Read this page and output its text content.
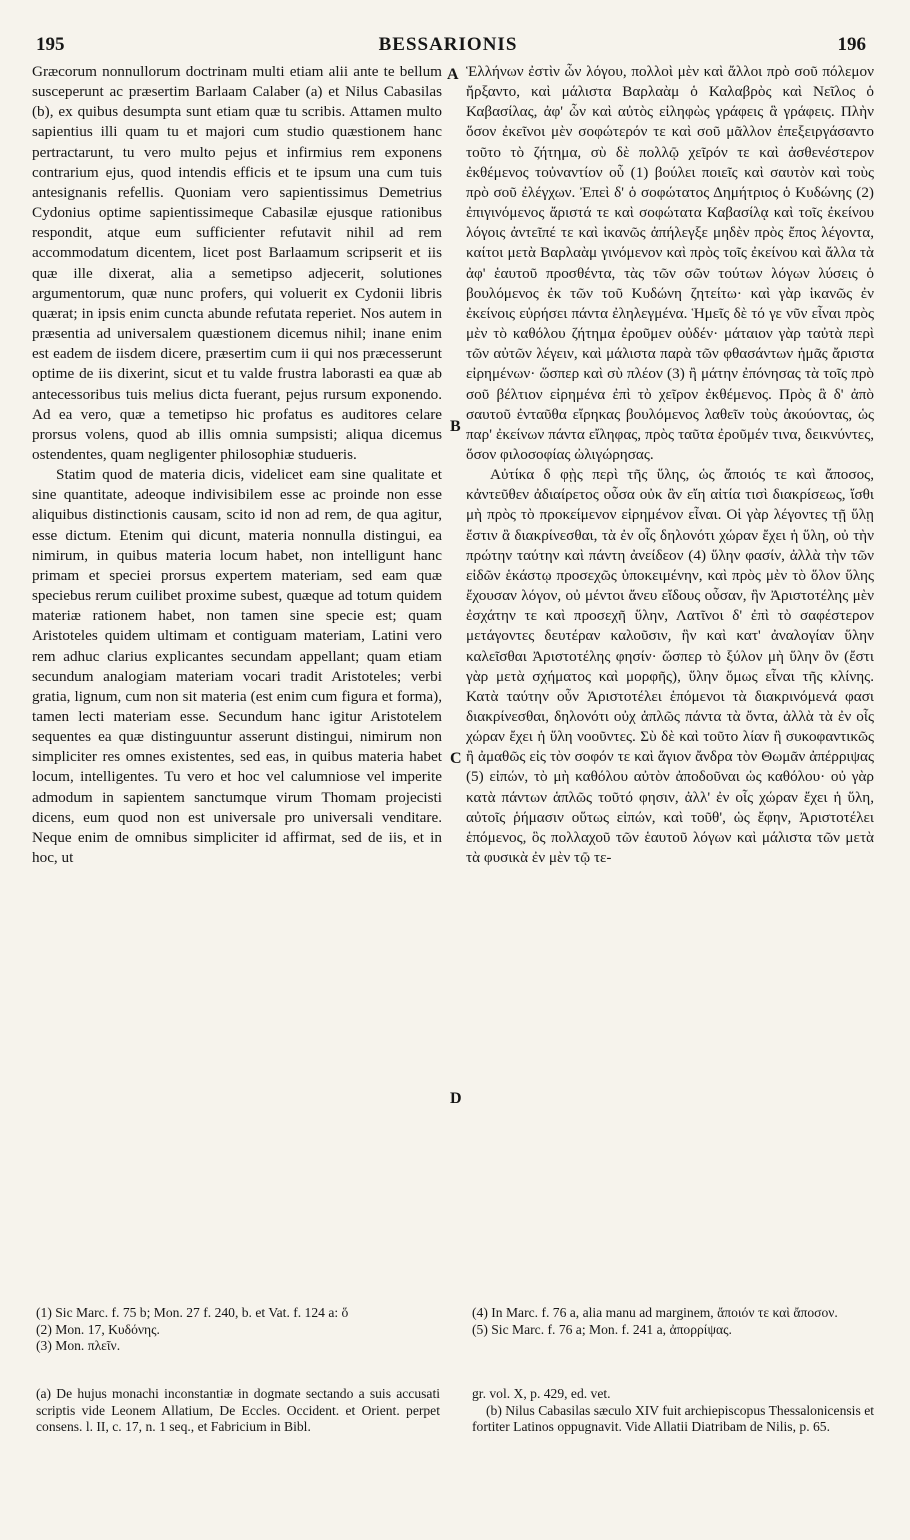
195	BESSARIONIS	196

Græcorum nonnullorum doctrinam multi etiam alii ante te bellum susceperunt ac præsertim Barlaam Calaber (a) et Nilus Cabasilas (b), ex quibus desumpta sunt etiam quæ tu scribis. Attamen multo sapientius illi quam tu et majori cum studio quæstionem hanc pertractarunt, tu vero multo pejus et infirmius rem exponens contrarium ejus, quod intendis efficis et te ipsum una cum tuis antesignanis refellis. Quoniam vero sapientissimus Demetrius Cydonius optime sapientissimeque Cabasilæ ejusque rationibus respondit, atque eum sufficienter refutavit nihil ad rem accommodatum dicentem, licet post Barlaamum scripserit et iis quæ ille dixerat, alia a semetipso adjecerit, solutiones argumentorum, quæ nunc profers, qui voluerit ex Cydonii libris quærat; in ipsis enim cuncta abunde refutata reperiet. Nos autem in præsentia ad universalem quæstionem dicemus nihil; inane enim est eadem de iisdem dicere, præsertim cum ii qui nos præcesserunt optime de iis dixerint, sicut et tu valde frustra laborasti ea quæ ab antecessoribus tuis melius dicta fuerant, pejus rursum exponendo. Ad ea vero, quæ a temetipso hic profatus es auditores celare prorsus volens, quod ab illis omnia sumpsisti; aliqua dicemus ostendentes, quam negligenter philosophiæ studueris.

Statim quod de materia dicis, videlicet eam sine qualitate et sine quantitate, adeoque indivisibilem esse ac proinde non esse aliquibus distinctionis causam, scito id non ad rem, de qua agitur, esse dictum. Etenim qui dicunt, materia nonnulla distingui, ea nimirum, in quibus materia locum habet, non intelligunt hanc primam et speciei prorsus expertem materiam, sed eam quæ speciebus rerum cuilibet proxime subest, quæque ad totum quidem materiæ rationem habet, non tamen sine specie est; quam Aristoteles quidem ultimam et contiguam materiam, Latini vero rem adhuc clarius explicantes secundam appellant; quam etiam secundum analogiam materiam vocari tradit Aristoteles; verbi gratia, lignum, cum non sit materia (est enim cum figura et forma), tamen lecti materiam esse. Secundum hanc igitur Aristotelem sequentes ea quæ distinguuntur asserunt distingui, nimirum non simpliciter res omnes existentes, sed eas, in quibus materia habet locum, intelligentes. Tu vero et hoc vel calumniose vel imperite admodum in sapientem sanctumque virum Thomam projecisti dicens, eum quod non est universale pro universali venditare. Neque enim de omnibus simpliciter id affirmat, sed de iis, et in hoc, ut

Ἑλλήνων ἐστὶν ὧν λόγου, πολλοὶ μὲν καὶ ἄλλοι πρὸ σοῦ πόλεμον ἤρξαντο, καὶ μάλιστα Βαρλαὰμ ὁ Καλαβρὸς καὶ Νεῖλος ὁ Καβασίλας, ἀφ' ὧν καὶ αὐτὸς εἰληφὼς γράφεις ἃ γράφεις. Πλὴν ὅσον ἐκεῖνοι μὲν σοφώτερόν τε καὶ σοῦ μᾶλλον ἐπεξειργάσαντο τοῦτο τὸ ζήτημα, σὺ δὲ πολλῷ χεῖρόν τε καὶ ἀσθενέστερον ἐκθέμενος τοὐναντίον οὗ (1) βούλει ποιεῖς καὶ σαυτὸν καὶ τοὺς πρὸ σοῦ ἐλέγχων. Ἐπεὶ δ' ὁ σοφώτατος Δημήτριος ὁ Κυδώνης (2) ἐπιγινόμενος ἄριστά τε καὶ σοφώτατα Καβασίλᾳ καὶ τοῖς ἐκείνου λόγοις ἀντεῖπέ τε καὶ ἱκανῶς ἀπήλεγξε μηδὲν πρὸς ἔπος λέγοντα, καίτοι μετὰ Βαρλαὰμ γινόμενον καὶ πρὸς τοῖς ἐκείνου καὶ ἄλλα τὰ ἀφ' ἑαυτοῦ προσθέντα, τὰς τῶν σῶν τούτων λόγων λύσεις ὁ βουλόμενος ἐκ τῶν τοῦ Κυδώνη ζητείτω· καὶ γὰρ ἱκανῶς ἐν ἐκείνοις εὑρήσει πάντα ἐληλεγμένα. Ἡμεῖς δὲ τό γε νῦν εἶναι πρὸς μὲν τὸ καθόλου ζήτημα ἐροῦμεν οὐδέν· μάταιον γὰρ ταὐτὰ περὶ τῶν αὐτῶν λέγειν, καὶ μάλιστα παρὰ τῶν φθασάντων ἡμᾶς ἄριστα εἰρημένων· ὥσπερ καὶ σὺ πλέον (3) ἢ μάτην ἐπόνησας τὰ τοῖς πρὸ σοῦ βέλτιον εἰρημένα ἐπὶ τὸ χεῖρον ἐκθέμενος. Πρὸς ἃ δ' ἀπὸ σαυτοῦ ἐνταῦθα εἴρηκας βουλόμενος λαθεῖν τοὺς ἀκούοντας, ὡς παρ' ἐκείνων πάντα εἴληφας, πρὸς ταῦτα ἐροῦμέν τινα, δεικνύντες, ὅσον φιλοσοφίας ὠλιγώρησας.

Αὐτίκα δ φῂς περὶ τῆς ὕλης, ὡς ἄποιός τε καὶ ἄποσος, κἀντεῦθεν ἀδιαίρετος οὖσα οὐκ ἂν εἴη αἰτία τισὶ διακρίσεως, ἴσθι μὴ πρὸς τὸ προκείμενον εἰρημένον εἶναι. Οἱ γὰρ λέγοντες τῇ ὕλῃ ἔστιν ἃ διακρίνεσθαι, τὰ ἐν οἷς δηλονότι χώραν ἔχει ἡ ὕλη, οὐ τὴν πρώτην ταύτην καὶ πάντη ἀνείδεον (4) ὕλην φασίν, ἀλλὰ τὴν τῶν εἰδῶν ἑκάστῳ προσεχῶς ὑποκειμένην, καὶ πρὸς μὲν τὸ ὅλον ὕλης ἔχουσαν λόγον, οὐ μέντοι ἄνευ εἴδους οὖσαν, ἣν Ἀριστοτέλης μὲν ἐσχάτην τε καὶ προσεχῆ ὕλην, Λατῖνοι δ' ἐπὶ τὸ σαφέστερον μετάγοντες δευτέραν καλοῦσιν, ἣν καὶ κατ' ἀναλογίαν ὕλην καλεῖσθαι Ἀριστοτέλης φησίν· ὥσπερ τὸ ξύλον μὴ ὕλην ὂν (ἔστι γὰρ μετὰ σχήματος καὶ μορφῆς), ὕλην ὅμως εἶναι τῆς κλίνης. Κατὰ ταύτην οὖν Ἀριστοτέλει ἑπόμενοι τὰ διακρινόμενά φασι διακρίνεσθαι, δηλονότι οὐχ ἁπλῶς πάντα τὰ ὄντα, ἀλλὰ τὰ ἐν οἷς χώραν ἔχει ἡ ὕλη νοοῦντες. Σὺ δὲ καὶ τοῦτο λίαν ἢ συκοφαντικῶς ἢ ἀμαθῶς εἰς τὸν σοφόν τε καὶ ἅγιον ἄνδρα τὸν Θωμᾶν ἀπέρριψας (5) εἰπών, τὸ μὴ καθόλου αὐτὸν ἀποδοῦναι ὡς καθόλου· οὐ γὰρ κατὰ πάντων ἁπλῶς τοῦτό φησιν, ἀλλ' ἐν οἷς χώραν ἔχει ἡ ὕλη, αὐτοῖς ῥήμασιν οὕτως εἰπών, καὶ τοῦθ', ὡς ἔφην, Ἀριστοτέλει ἑπόμενος, ὃς πολλαχοῦ τῶν ἑαυτοῦ λόγων καὶ μάλιστα τῶν μετὰ τὰ φυσικὰ ἐν μὲν τῷ τε-

A
B
C
D

(1) Sic Marc. f. 75 b; Mon. 27 f. 240, b. et Vat. f. 124 a: ὅ

(2) Mon. 17, Κυδόνης.

(3) Mon. πλεῖν.

(4) In Marc. f. 76 a, alia manu ad marginem, ἄποιόν τε καὶ ἄποσον.

(5) Sic Marc. f. 76 a; Mon. f. 241 a, ἀπορρίψας.

(a) De hujus monachi inconstantiæ in dogmate sectando a suis accusati scriptis vide Leonem Allatium, De Eccles. Occident. et Orient. perpet consens. l. II, c. 17, n. 1 seq., et Fabricium in Bibl.

gr. vol. X, p. 429, ed. vet.

(b) Nilus Cabasilas sæculo XIV fuit archiepiscopus Thessalonicensis et fortiter Latinos oppugnavit. Vide Allatii Diatribam de Nilis, p. 65.
